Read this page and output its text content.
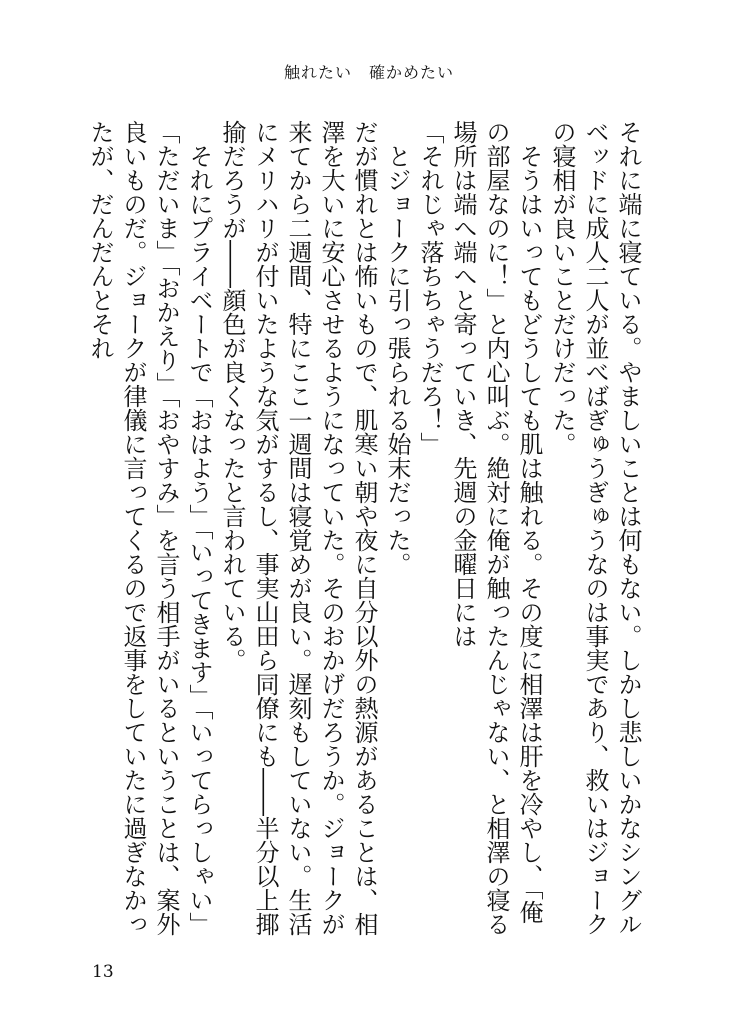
触れたい　確かめたい

それに端に寝ている。やましいことは何もない。しかし悲しいかなシングルベッドに成人二人が並べばぎゅうぎゅうなのは事実であり、救いはジョークの寝相が良いことだけだった。

　そうはいってもどうしても肌は触れる。その度に相澤は肝を冷やし、「俺の部屋なのに！」と内心叫ぶ。絶対に俺が触ったんじゃない、と相澤の寝る場所は端へ端へと寄っていき、先週の金曜日には

「それじゃ落ちちゃうだろ！」

　とジョークに引っ張られる始末だった。

だが慣れとは怖いもので、肌寒い朝や夜に自分以外の熱源があることは、相澤を大いに安心させるようになっていた。そのおかげだろうか。ジョークが来てから二週間、特にここ一週間は寝覚めが良い。遅刻もしていない。生活にメリハリが付いたような気がするし、事実山田ら同僚にも――半分以上揶揄だろうが――顔色が良くなったと言われている。

　それにプライベートで「おはよう」「いってきます」「いってらっしゃい」「ただいま」「おかえり」「おやすみ」を言う相手がいるということは、案外良いものだ。ジョークが律儀に言ってくるので返事をしていたに過ぎなかったが、だんだんとそれ

13
